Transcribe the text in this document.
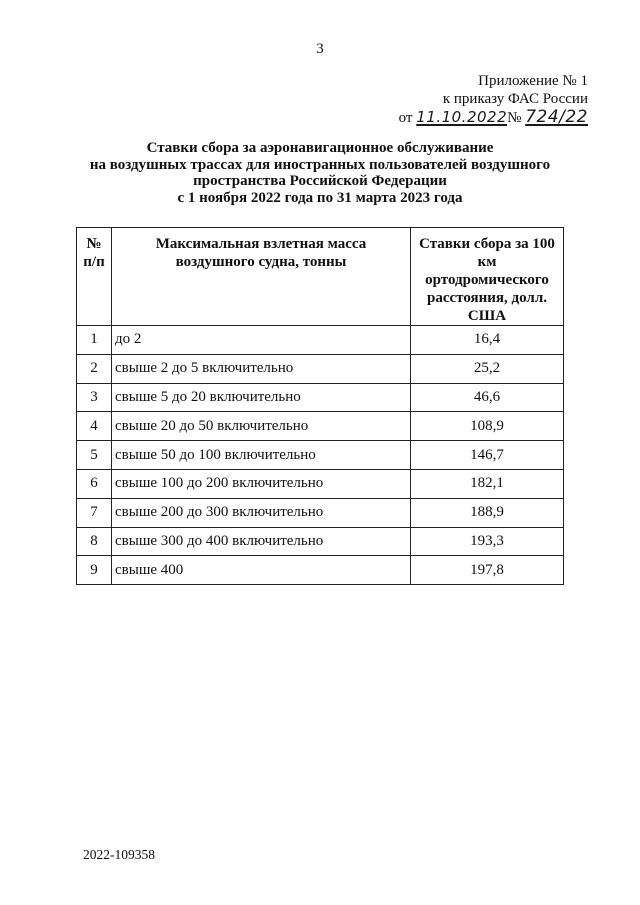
3
Приложение № 1
к приказу ФАС России
от 11.10.2022№ 724/22
Ставки сбора за аэронавигационное обслуживание
на воздушных трассах для иностранных пользователей воздушного
пространства Российской Федерации
с 1 ноября 2022 года по 31 марта 2023 года
№
п/п	Максимальная взлетная масса воздушного судна, тонны	Ставки сбора за 100 км ортодромического расстояния, долл. США
1	до 2	16,4
2	свыше 2 до 5 включительно	25,2
3	свыше 5 до 20 включительно	46,6
4	свыше 20 до 50 включительно	108,9
5	свыше 50 до 100 включительно	146,7
6	свыше 100 до 200 включительно	182,1
7	свыше 200 до 300 включительно	188,9
8	свыше 300 до 400 включительно	193,3
9	свыше 400	197,8
2022-109358
